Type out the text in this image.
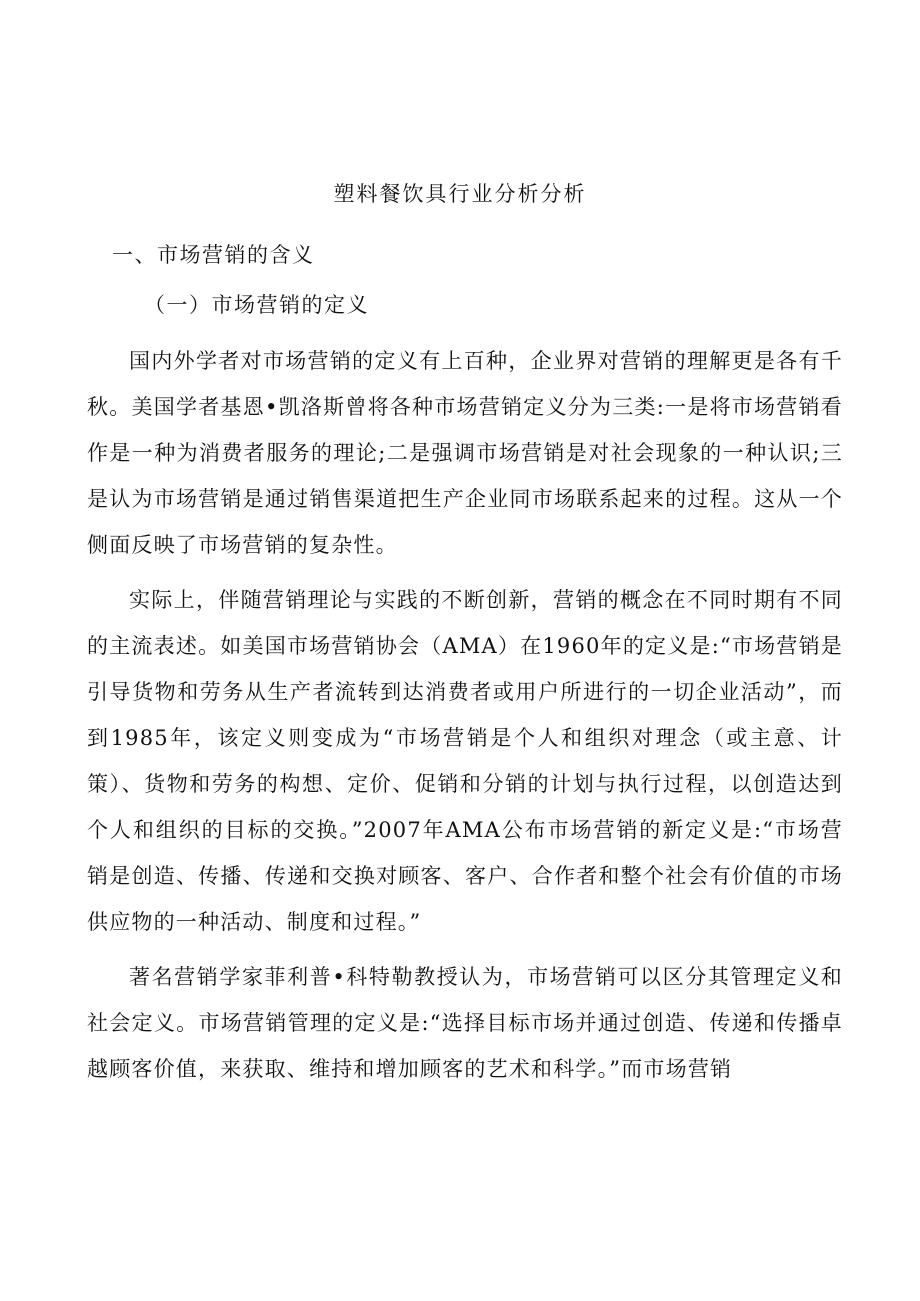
塑料餐饮具行业分析分析
一、市场营销的含义
（一）市场营销的定义

国内外学者对市场营销的定义有上百种，企业界对营销的理解更是各有千秋。美国学者基恩•凯洛斯曾将各种市场营销定义分为三类:一是将市场营销看作是一种为消费者服务的理论;二是强调市场营销是对社会现象的一种认识;三是认为市场营销是通过销售渠道把生产企业同市场联系起来的过程。这从一个侧面反映了市场营销的复杂性。

实际上，伴随营销理论与实践的不断创新，营销的概念在不同时期有不同的主流表述。如美国市场营销协会（AMA）在1960年的定义是:“市场营销是引导货物和劳务从生产者流转到达消费者或用户所进行的一切企业活动”，而到1985年，该定义则变成为“市场营销是个人和组织对理念（或主意、计策）、货物和劳务的构想、定价、促销和分销的计划与执行过程，以创造达到个人和组织的目标的交换。”2007年AMA公布市场营销的新定义是:“市场营销是创造、传播、传递和交换对顾客、客户、合作者和整个社会有价值的市场供应物的一种活动、制度和过程。”

著名营销学家菲利普•科特勒教授认为，市场营销可以区分其管理定义和社会定义。市场营销管理的定义是:“选择目标市场并通过创造、传递和传播卓越顾客价值，来获取、维持和增加顾客的艺术和科学。”而市场营销
